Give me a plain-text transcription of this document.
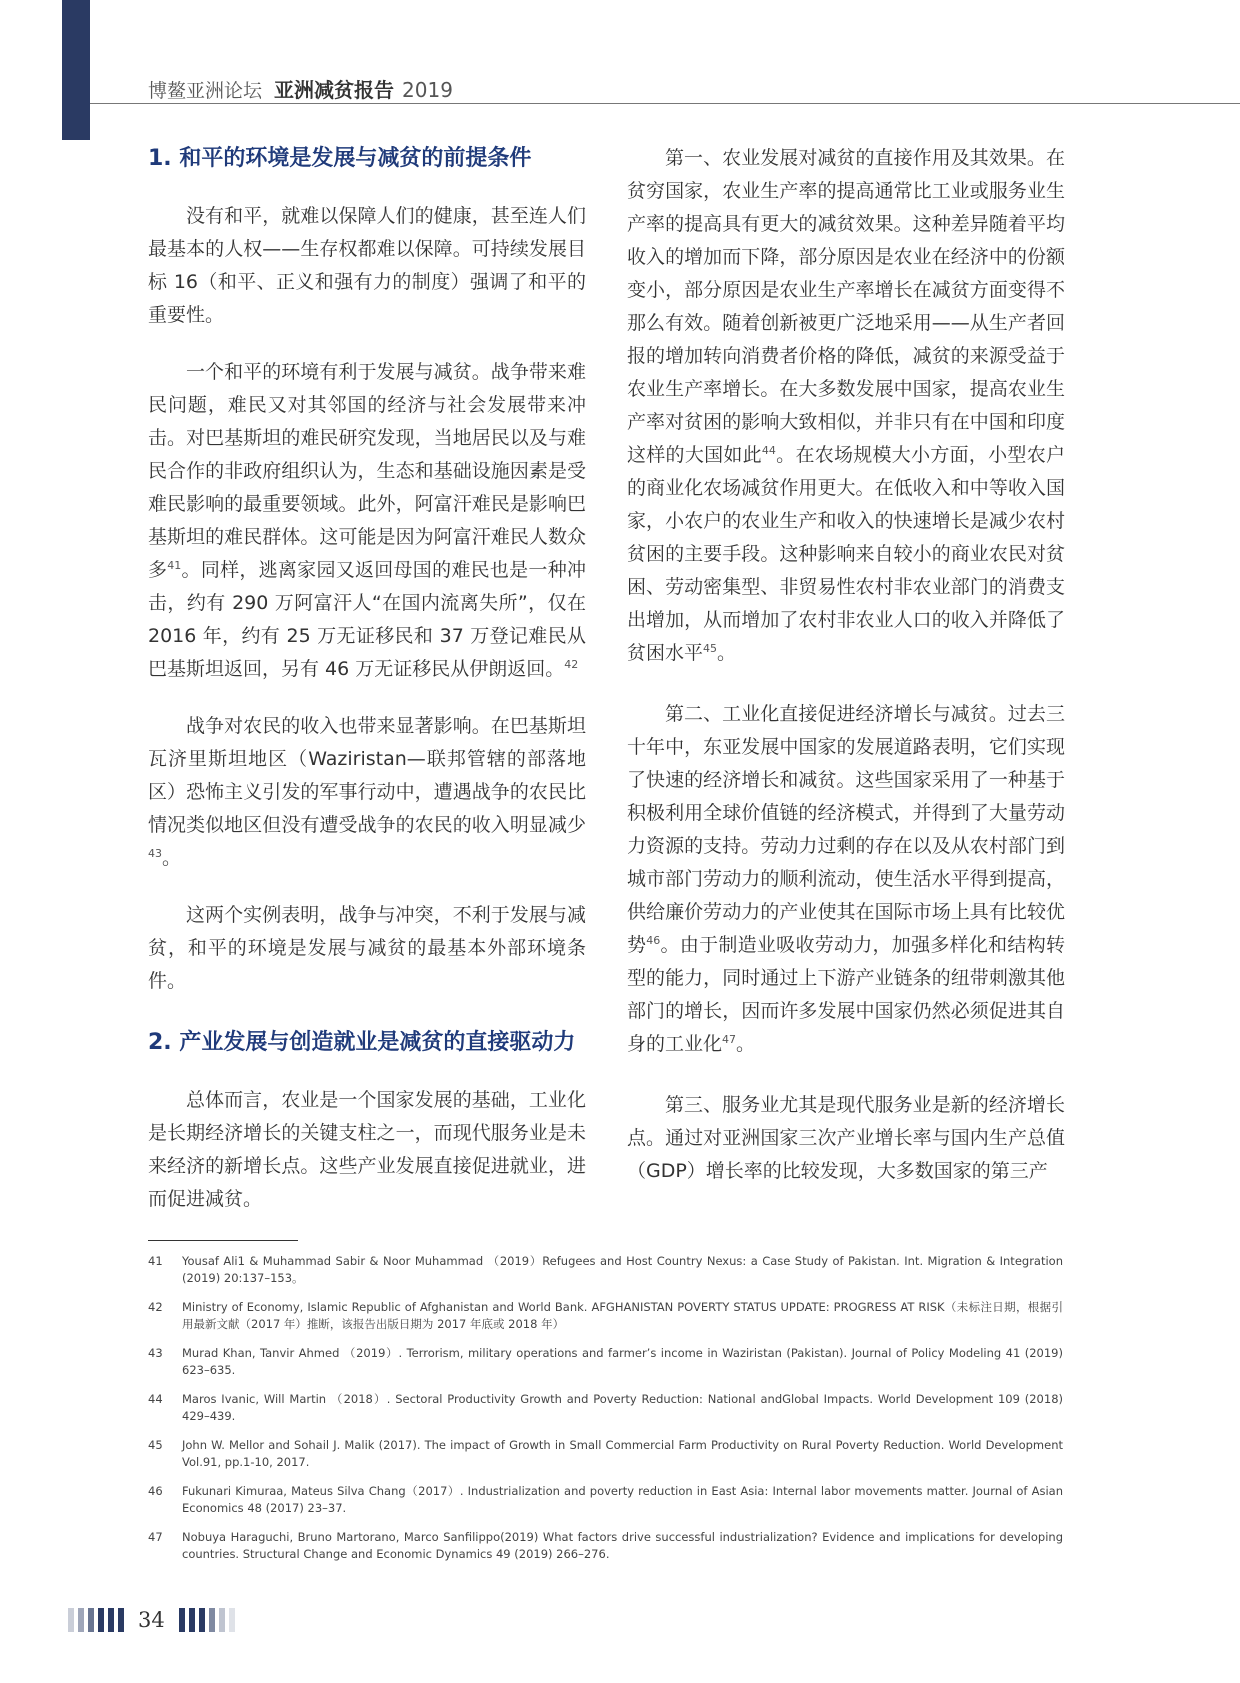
博鳌亚洲论坛 亚洲减贫报告 2019
1. 和平的环境是发展与减贫的前提条件

没有和平，就难以保障人们的健康，甚至连人们最基本的人权——生存权都难以保障。可持续发展目标 16（和平、正义和强有力的制度）强调了和平的重要性。

一个和平的环境有利于发展与减贫。战争带来难民问题，难民又对其邻国的经济与社会发展带来冲击。对巴基斯坦的难民研究发现，当地居民以及与难民合作的非政府组织认为，生态和基础设施因素是受难民影响的最重要领域。此外，阿富汗难民是影响巴基斯坦的难民群体。这可能是因为阿富汗难民人数众多$^{41}$。同样，逃离家园又返回母国的难民也是一种冲击，约有 290 万阿富汗人“在国内流离失所”，仅在 2016 年，约有 25 万无证移民和 37 万登记难民从巴基斯坦返回，另有 46 万无证移民从伊朗返回。$^{42}$

战争对农民的收入也带来显著影响。在巴基斯坦瓦济里斯坦地区（Waziristan—联邦管辖的部落地区）恐怖主义引发的军事行动中，遭遇战争的农民比情况类似地区但没有遭受战争的农民的收入明显减少$^{43}$。

这两个实例表明，战争与冲突，不利于发展与减贫，和平的环境是发展与减贫的最基本外部环境条件。

2. 产业发展与创造就业是减贫的直接驱动力

总体而言，农业是一个国家发展的基础，工业化是长期经济增长的关键支柱之一，而现代服务业是未来经济的新增长点。这些产业发展直接促进就业，进而促进减贫。

第一、农业发展对减贫的直接作用及其效果。在贫穷国家，农业生产率的提高通常比工业或服务业生产率的提高具有更大的减贫效果。这种差异随着平均收入的增加而下降，部分原因是农业在经济中的份额变小，部分原因是农业生产率增长在减贫方面变得不那么有效。随着创新被更广泛地采用——从生产者回报的增加转向消费者价格的降低，减贫的来源受益于农业生产率增长。在大多数发展中国家，提高农业生产率对贫困的影响大致相似，并非只有在中国和印度这样的大国如此$^{44}$。在农场规模大小方面，小型农户的商业化农场减贫作用更大。在低收入和中等收入国家，小农户的农业生产和收入的快速增长是减少农村贫困的主要手段。这种影响来自较小的商业农民对贫困、劳动密集型、非贸易性农村非农业部门的消费支出增加，从而增加了农村非农业人口的收入并降低了贫困水平$^{45}$。

第二、工业化直接促进经济增长与减贫。过去三十年中，东亚发展中国家的发展道路表明，它们实现了快速的经济增长和减贫。这些国家采用了一种基于积极利用全球价值链的经济模式，并得到了大量劳动力资源的支持。劳动力过剩的存在以及从农村部门到城市部门劳动力的顺利流动，使生活水平得到提高，供给廉价劳动力的产业使其在国际市场上具有比较优势$^{46}$。由于制造业吸收劳动力，加强多样化和结构转型的能力，同时通过上下游产业链条的纽带刺激其他部门的增长，因而许多发展中国家仍然必须促进其自身的工业化$^{47}$。

第三、服务业尤其是现代服务业是新的经济增长点。通过对亚洲国家三次产业增长率与国内生产总值（GDP）增长率的比较发现，大多数国家的第三产

41	Yousaf Ali1 & Muhammad Sabir & Noor Muhammad （2019）Refugees and Host Country Nexus: a Case Study of Pakistan. Int. Migration & Integration (2019) 20:137–153。
42	Ministry of Economy, Islamic Republic of Afghanistan and World Bank. AFGHANISTAN POVERTY STATUS UPDATE: PROGRESS AT RISK（未标注日期，根据引用最新文献（2017 年）推断，该报告出版日期为 2017 年底或 2018 年）
43	Murad Khan, Tanvir Ahmed （2019）. Terrorism, military operations and farmer’s income in Waziristan (Pakistan). Journal of Policy Modeling 41 (2019) 623–635.
44	Maros Ivanic, Will Martin （2018）. Sectoral Productivity Growth and Poverty Reduction: National andGlobal Impacts. World Development 109 (2018) 429–439.
45	John W. Mellor and Sohail J. Malik (2017). The impact of Growth in Small Commercial Farm Productivity on Rural Poverty Reduction. World Development Vol.91, pp.1-10, 2017.
46	Fukunari Kimuraa, Mateus Silva Chang（2017）. Industrialization and poverty reduction in East Asia: Internal labor movements matter. Journal of Asian Economics 48 (2017) 23–37.
47	Nobuya Haraguchi, Bruno Martorano, Marco Sanfilippo(2019) What factors drive successful industrialization? Evidence and implications for developing countries. Structural Change and Economic Dynamics 49 (2019) 266–276.
34
